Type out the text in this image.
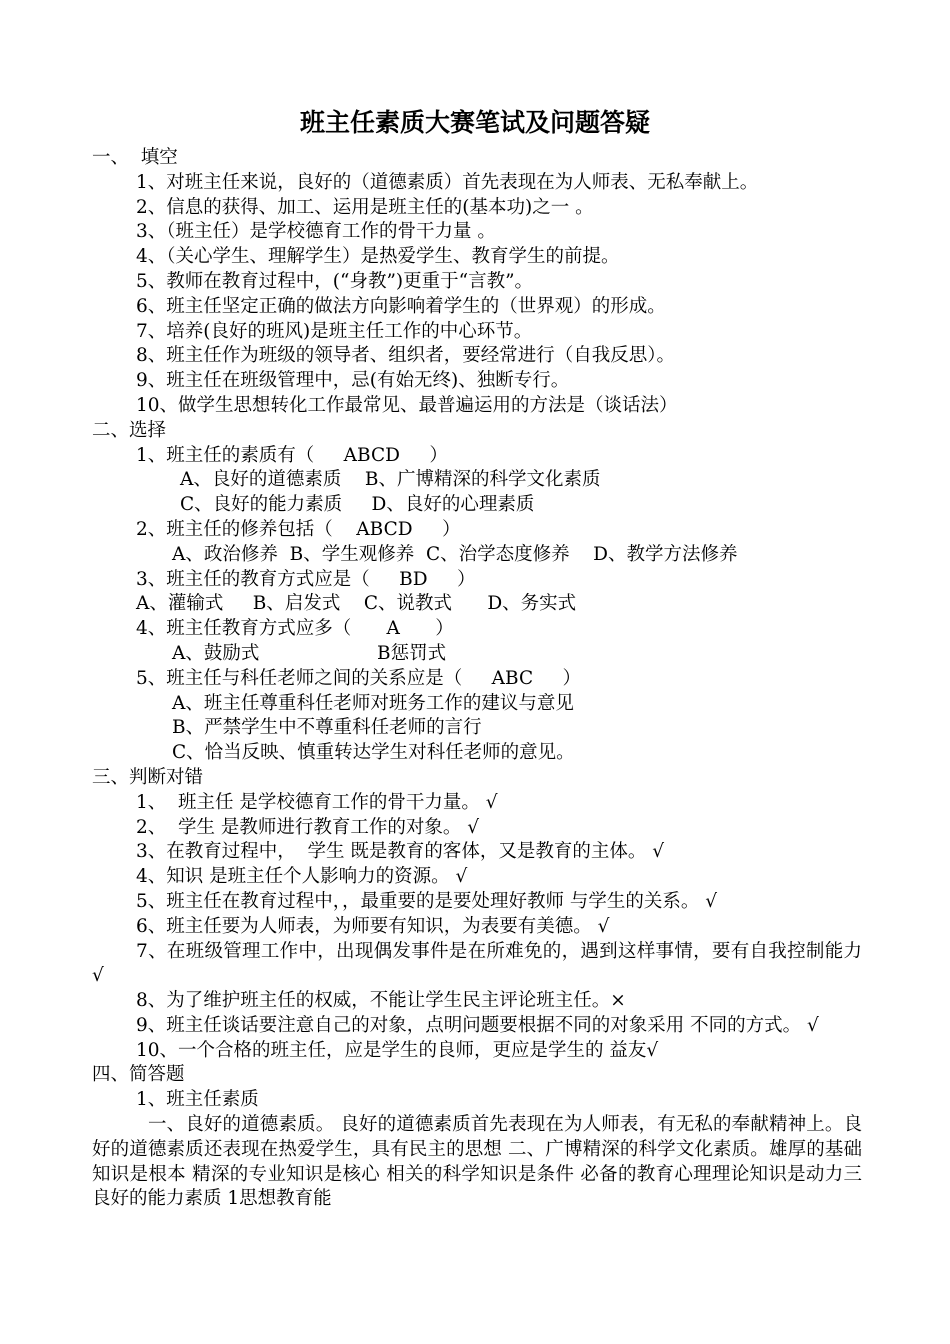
班主任素质大赛笔试及问题答疑
一、  填空
1、对班主任来说，良好的（道德素质）首先表现在为人师表、无私奉献上。
2、信息的获得、加工、运用是班主任的(基本功)之一 。
3、（班主任）是学校德育工作的骨干力量 。
4、（关心学生、理解学生）是热爱学生、教育学生的前提。
5、教师在教育过程中，(“身教”)更重于“言教”。
6、班主任坚定正确的做法方向影响着学生的（世界观）的形成。
7、培养(良好的班风)是班主任工作的中心环节。
8、班主任作为班级的领导者、组织者，要经常进行（自我反思）。
9、班主任在班级管理中，忌(有始无终)、独断专行。
10、做学生思想转化工作最常见、最普遍运用的方法是（谈话法）
二、选择
1、班主任的素质有（     ABCD     ）
A、良好的道德素质    B、广博精深的科学文化素质
C、良好的能力素质     D、良好的心理素质
2、班主任的修养包括（    ABCD     ）
A、政治修养  B、学生观修养  C、治学态度修养    D、教学方法修养
3、班主任的教育方式应是（     BD     ）
A、灌输式     B、启发式    C、说教式      D、务实式
4、班主任教育方式应多（      A      ）
A、鼓励式                    B惩罚式
5、班主任与科任老师之间的关系应是（     ABC     ）
A、班主任尊重科任老师对班务工作的建议与意见
B、严禁学生中不尊重科任老师的言行
C、恰当反映、慎重转达学生对科任老师的意见。
三、判断对错
1、  班主任 是学校德育工作的骨干力量。 √
2、  学生 是教师进行教育工作的对象。 √
3、在教育过程中，  学生 既是教育的客体，又是教育的主体。 √
4、知识 是班主任个人影响力的资源。 √
5、班主任在教育过程中，，最重要的是要处理好教师 与学生的关系。 √
6、班主任要为人师表，为师要有知识，为表要有美德。 √
7、在班级管理工作中，出现偶发事件是在所难免的，遇到这样事情，要有自我控制能力√
8、为了维护班主任的权威，不能让学生民主评论班主任。×
9、班主任谈话要注意自己的对象，点明问题要根据不同的对象采用 不同的方式。 √
10、一个合格的班主任，应是学生的良师，更应是学生的 益友√
四、简答题
1、班主任素质
一、良好的道德素质。 良好的道德素质首先表现在为人师表，有无私的奉献精神上。良好的道德素质还表现在热爱学生，具有民主的思想 二、广博精深的科学文化素质。雄厚的基础知识是根本 精深的专业知识是核心 相关的科学知识是条件 必备的教育心理理论知识是动力三 良好的能力素质 1思想教育能
